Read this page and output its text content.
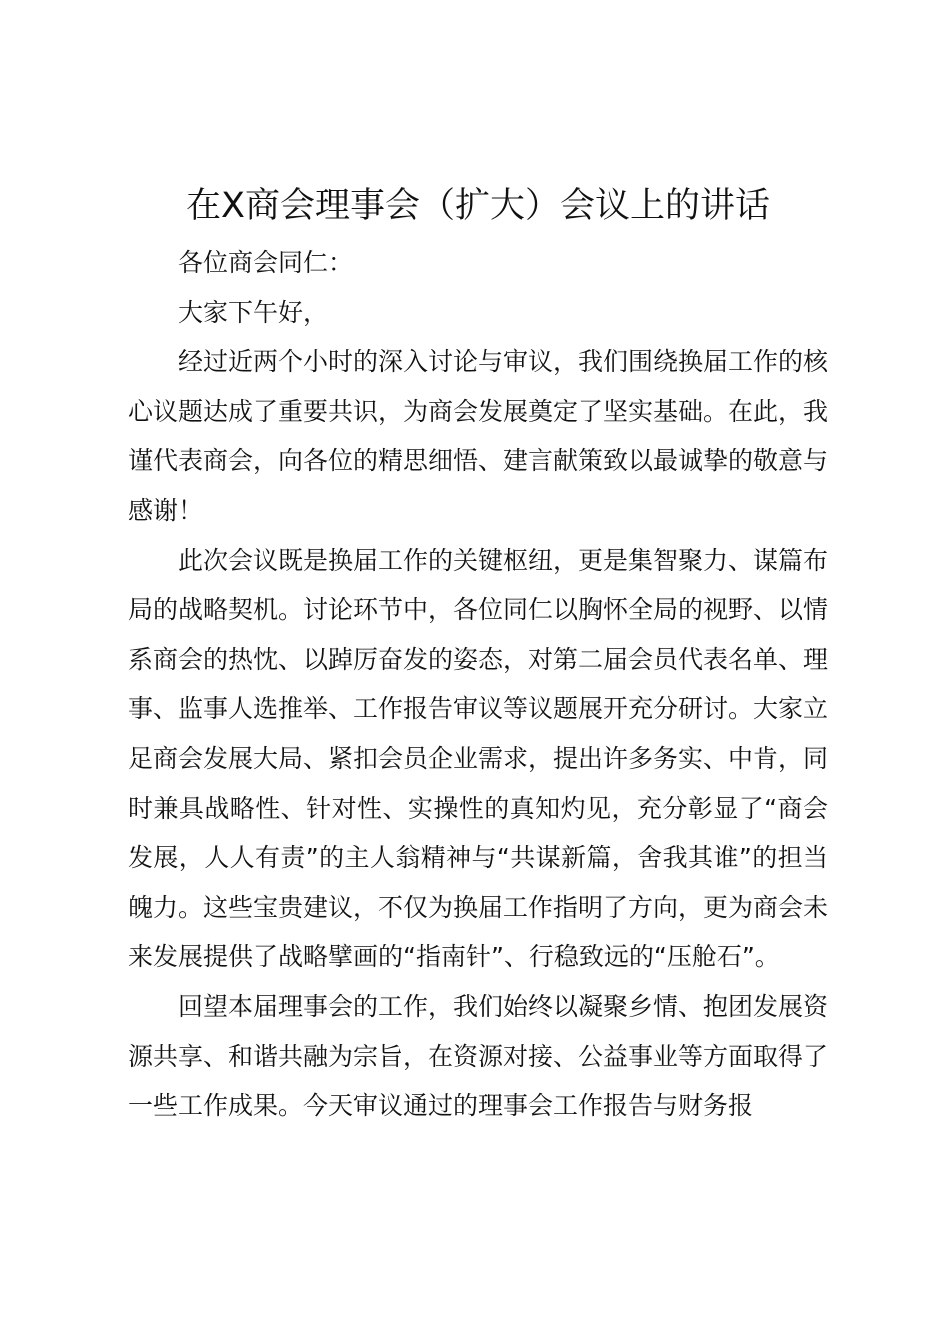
在X商会理事会（扩大）会议上的讲话

各位商会同仁：

大家下午好，

经过近两个小时的深入讨论与审议，我们围绕换届工作的核心议题达成了重要共识，为商会发展奠定了坚实基础。在此，我谨代表商会，向各位的精思细悟、建言献策致以最诚挚的敬意与感谢！

此次会议既是换届工作的关键枢纽，更是集智聚力、谋篇布局的战略契机。讨论环节中，各位同仁以胸怀全局的视野、以情系商会的热忱、以踔厉奋发的姿态，对第二届会员代表名单、理事、监事人选推举、工作报告审议等议题展开充分研讨。大家立足商会发展大局、紧扣会员企业需求，提出许多务实、中肯，同时兼具战略性、针对性、实操性的真知灼见，充分彰显了“商会发展，人人有责”的主人翁精神与“共谋新篇，舍我其谁”的担当魄力。这些宝贵建议，不仅为换届工作指明了方向，更为商会未来发展提供了战略擘画的“指南针”、行稳致远的“压舱石”。

回望本届理事会的工作，我们始终以凝聚乡情、抱团发展资源共享、和谐共融为宗旨，在资源对接、公益事业等方面取得了一些工作成果。今天审议通过的理事会工作报告与财务报
